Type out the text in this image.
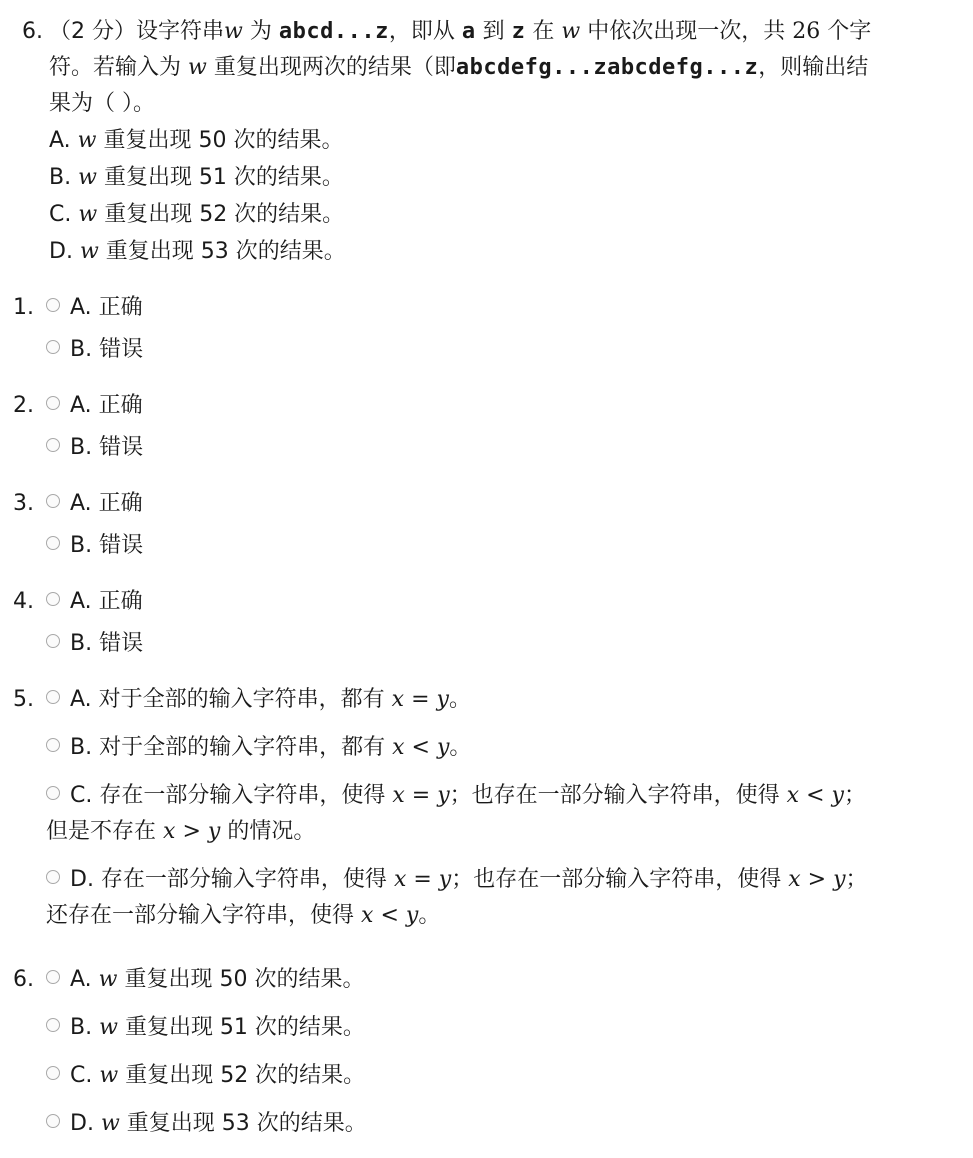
6. （2 分）设字符串w 为 abcd...z，即从 a 到 z 在 w 中依次出现一次，共 26 个字
符。若输入为 w 重复出现两次的结果（即abcdefg...zabcdefg...z，则输出结
果为（ ）。
A. w 重复出现 50 次的结果。
B. w 重复出现 51 次的结果。
C. w 重复出现 52 次的结果。
D. w 重复出现 53 次的结果。
1.	A. 正确
B. 错误
2.	A. 正确
B. 错误
3.	A. 正确
B. 错误
4.	A. 正确
B. 错误
5.	A. 对于全部的输入字符串，都有 x = y。
B. 对于全部的输入字符串，都有 x < y。
C. 存在一部分输入字符串，使得 x = y；也存在一部分输入字符串，使得 x < y；
但是不存在 x > y 的情况。
D. 存在一部分输入字符串，使得 x = y；也存在一部分输入字符串，使得 x > y；
还存在一部分输入字符串，使得 x < y。
6.	A. w 重复出现 50 次的结果。
B. w 重复出现 51 次的结果。
C. w 重复出现 52 次的结果。
D. w 重复出现 53 次的结果。
